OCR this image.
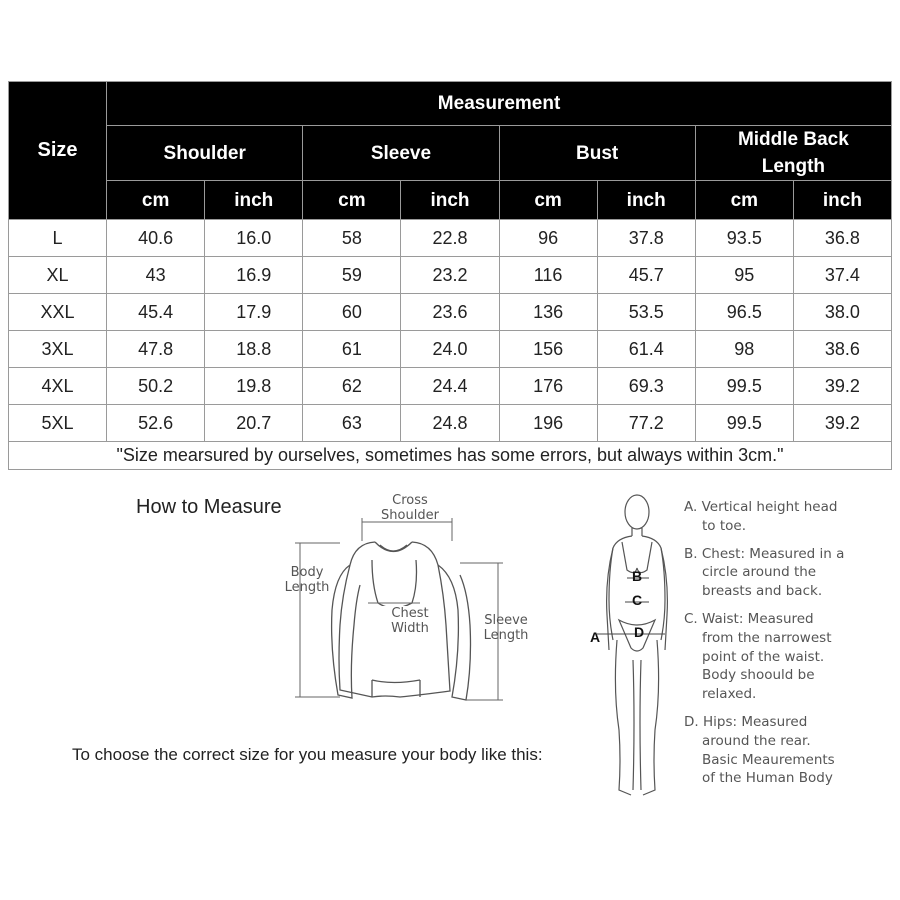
Size	Measurement							
	Shoulder		Sleeve		Bust		Middle Back
Length	
	cm	inch	cm	inch	cm	inch	cm	inch
L	40.6	16.0	58	22.8	96	37.8	93.5	36.8
XL	43	16.9	59	23.2	116	45.7	95	37.4
XXL	45.4	17.9	60	23.6	136	53.5	96.5	38.0
3XL	47.8	18.8	61	24.0	156	61.4	98	38.6
4XL	50.2	19.8	62	24.4	176	69.3	99.5	39.2
5XL	52.6	20.7	63	24.8	196	77.2	99.5	39.2
"Size mearsured by ourselves, sometimes has some errors, but always within 3cm."								
How to Measure	Cross
Shoulder
Body
Length
Chest
Width
Sleeve
Length
To choose the correct size for you measure your body like this:
B
C
A D
A. Vertical height head
to toe.
B. Chest: Measured in a
circle around the
breasts and back.
C. Waist: Measured
from the narrowest
point of the waist.
Body shoould be
relaxed.
D. Hips: Measured
around the rear.
Basic Meaurements
of the Human Body
